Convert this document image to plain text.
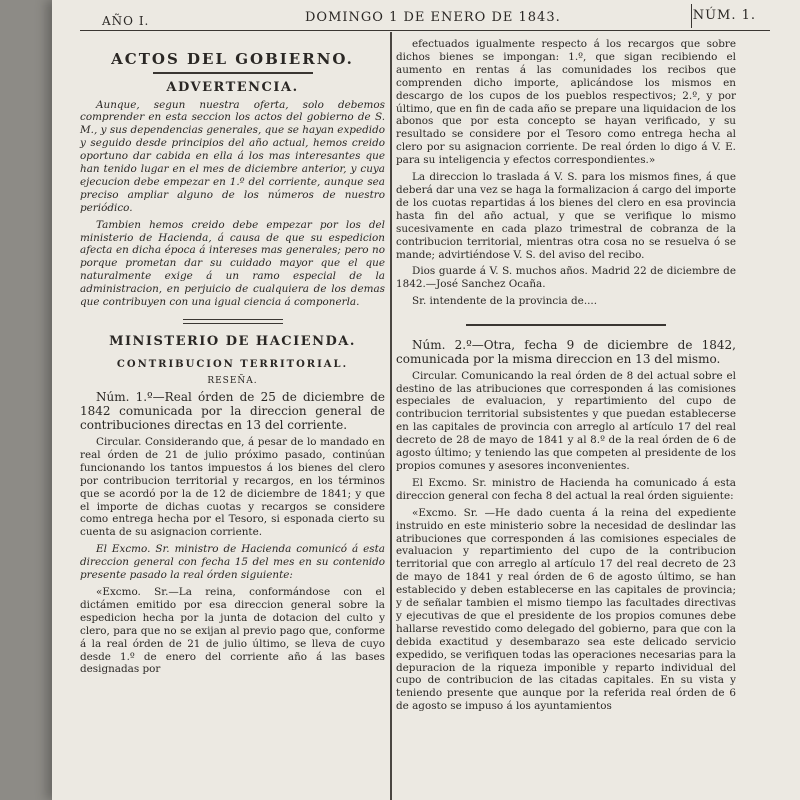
AÑO I.	DOMINGO 1 DE ENERO DE 1843.	NÚM. 1.
ACTOS DEL GOBIERNO.
ADVERTENCIA.

Aunque, segun nuestra oferta, solo debemos comprender en esta seccion los actos del gobierno de S. M., y sus dependencias generales, que se hayan expedido y seguido desde principios del año actual, hemos creido oportuno dar cabida en ella á los mas interesantes que han tenido lugar en el mes de diciembre anterior, y cuya ejecucion debe empezar en 1.º del corriente, aunque sea preciso ampliar alguno de los números de nuestro periódico.

Tambien hemos creido debe empezar por los del ministerio de Hacienda, á causa de que su espedicion afecta en dicha época á intereses mas generales; pero no porque prometan dar su cuidado mayor que el que naturalmente exige á un ramo especial de la administracion, en perjuicio de cualquiera de los demas que contribuyen con una igual ciencia á componerla.

MINISTERIO DE HACIENDA.
CONTRIBUCION TERRITORIAL.
RESEÑA.

Núm. 1.º—Real órden de 25 de diciembre de 1842 comunicada por la direccion general de contribuciones directas en 13 del corriente.

Circular. Considerando que, á pesar de lo mandado en real órden de 21 de julio próximo pasado, continúan funcionando los tantos impuestos á los bienes del clero por contribucion territorial y recargos, en los términos que se acordó por la de 12 de diciembre de 1841; y que el importe de dichas cuotas y recargos se considere como entrega hecha por el Tesoro, si esponada cierto su cuenta de su asignacion corriente.

El Excmo. Sr. ministro de Hacienda comunicó á esta direccion general con fecha 15 del mes en su contenido presente pasado la real órden siguiente:

«Excmo. Sr.—La reina, conformándose con el dictámen emitido por esa direccion general sobre la espedicion hecha por la junta de dotacion del culto y clero, para que no se exijan al previo pago que, conforme á la real órden de 21 de julio último, se lleva de cuyo desde 1.º de enero del corriente año á las bases designadas por

efectuados igualmente respecto á los recargos que sobre dichos bienes se impongan: 1.º, que sigan recibiendo el aumento en rentas á las comunidades los recibos que comprenden dicho importe, aplicándose los mismos en descargo de los cupos de los pueblos respectivos; 2.º, y por último, que en fin de cada año se prepare una liquidacion de los abonos que por esta concepto se hayan verificado, y su resultado se considere por el Tesoro como entrega hecha al clero por su asignacion corriente. De real órden lo digo á V. E. para su inteligencia y efectos correspondientes.»

La direccion lo traslada á V. S. para los mismos fines, á que deberá dar una vez se haga la formalizacion á cargo del importe de los cuotas repartidas á los bienes del clero en esa provincia hasta fin del año actual, y que se verifique lo mismo sucesivamente en cada plazo trimestral de cobranza de la contribucion territorial, mientras otra cosa no se resuelva ó se mande; advirtiéndose V. S. del aviso del recibo.

Dios guarde á V. S. muchos años. Madrid 22 de diciembre de 1842.—José Sanchez Ocaña.

Sr. intendente de la provincia de....

Núm. 2.º—Otra, fecha 9 de diciembre de 1842, comunicada por la misma direccion en 13 del mismo.

Circular. Comunicando la real órden de 8 del actual sobre el destino de las atribuciones que corresponden á las comisiones especiales de evaluacion, y repartimiento del cupo de contribucion territorial subsistentes y que puedan establecerse en las capitales de provincia con arreglo al artículo 17 del real decreto de 28 de mayo de 1841 y al 8.º de la real órden de 6 de agosto último; y teniendo las que competen al presidente de los propios comunes y asesores inconvenientes.

El Excmo. Sr. ministro de Hacienda ha comunicado á esta direccion general con fecha 8 del actual la real órden siguiente:

«Excmo. Sr. —He dado cuenta á la reina del expediente instruido en este ministerio sobre la necesidad de deslindar las atribuciones que corresponden á las comisiones especiales de evaluacion y repartimiento del cupo de la contribucion territorial que con arreglo al artículo 17 del real decreto de 23 de mayo de 1841 y real órden de 6 de agosto último, se han establecido y deben establecerse en las capitales de provincia; y de señalar tambien el mismo tiempo las facultades directivas y ejecutivas de que el presidente de los propios comunes debe hallarse revestido como delegado del gobierno, para que con la debida exactitud y desembarazo sea este delicado servicio expedido, se verifiquen todas las operaciones necesarias para la depuracion de la riqueza imponible y reparto individual del cupo de contribucion de las citadas capitales. En su vista y teniendo presente que aunque por la referida real órden de 6 de agosto se impuso á los ayuntamientos
